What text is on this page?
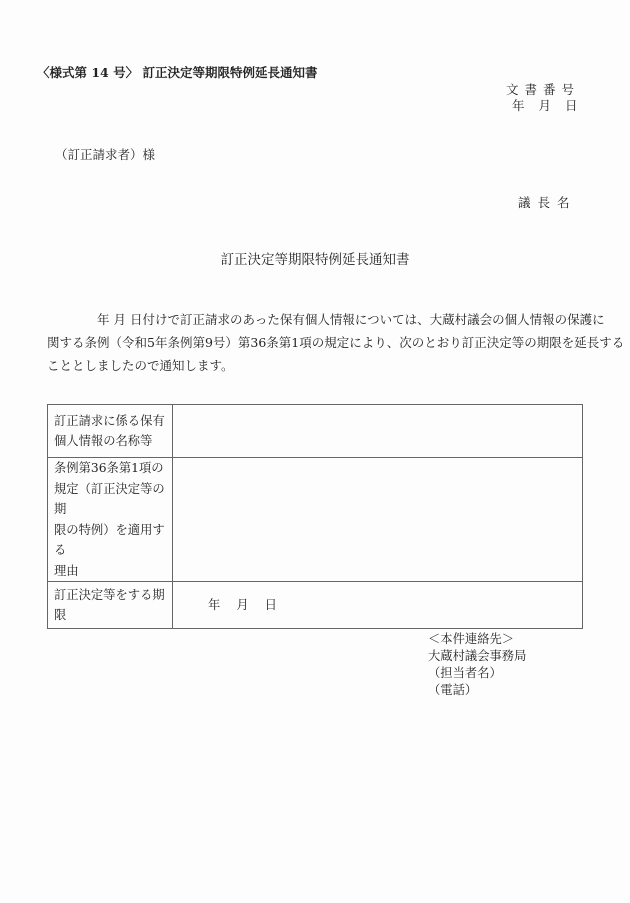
〈様式第 14 号〉 訂正決定等期限特例延長通知書
文書番号
年 月 日
（訂正請求者）様
議長名
訂正決定等期限特例延長通知書

年 月 日付けで訂正請求のあった保有個人情報については、大蔵村議会の個人情報の保護に

関する条例（令和5年条例第9号）第36条第1項の規定により、次のとおり訂正決定等の期限を延長する

こととしましたので通知します。

訂正請求に係る保有
個人情報の名称等	

条例第36条第1項の
規定（訂正決定等の期
限の特例）を適用する
理由	

訂正決定等をする期
限	年 月 日
＜本件連絡先＞
大蔵村議会事務局
（担当者名）
（電話）
